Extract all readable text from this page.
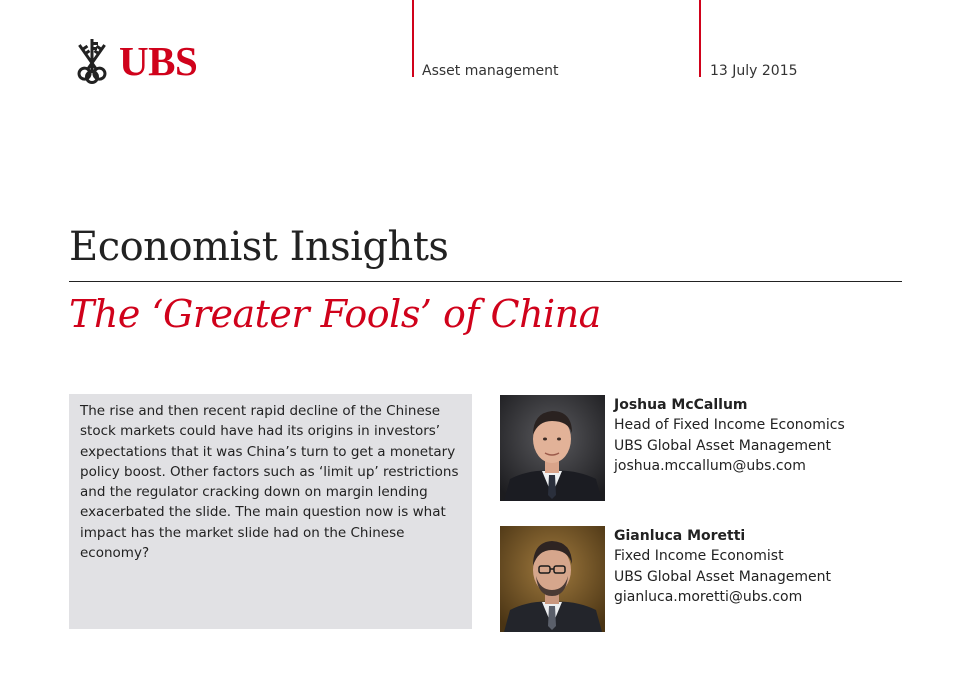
UBS	Asset management	13 July 2015
Economist Insights
The ‘Greater Fools’ of China

The rise and then recent rapid decline of the Chinese stock markets could have had its origins in investors’ expectations that it was China’s turn to get a monetary policy boost. Other factors such as ‘limit up’ restrictions and the regulator cracking down on margin lending exacerbated the slide. The main question now is what impact has the market slide had on the Chinese economy?

Joshua McCallum
Head of Fixed Income Economics
UBS Global Asset Management
joshua.mccallum@ubs.com
Gianluca Moretti
Fixed Income Economist
UBS Global Asset Management
gianluca.moretti@ubs.com
